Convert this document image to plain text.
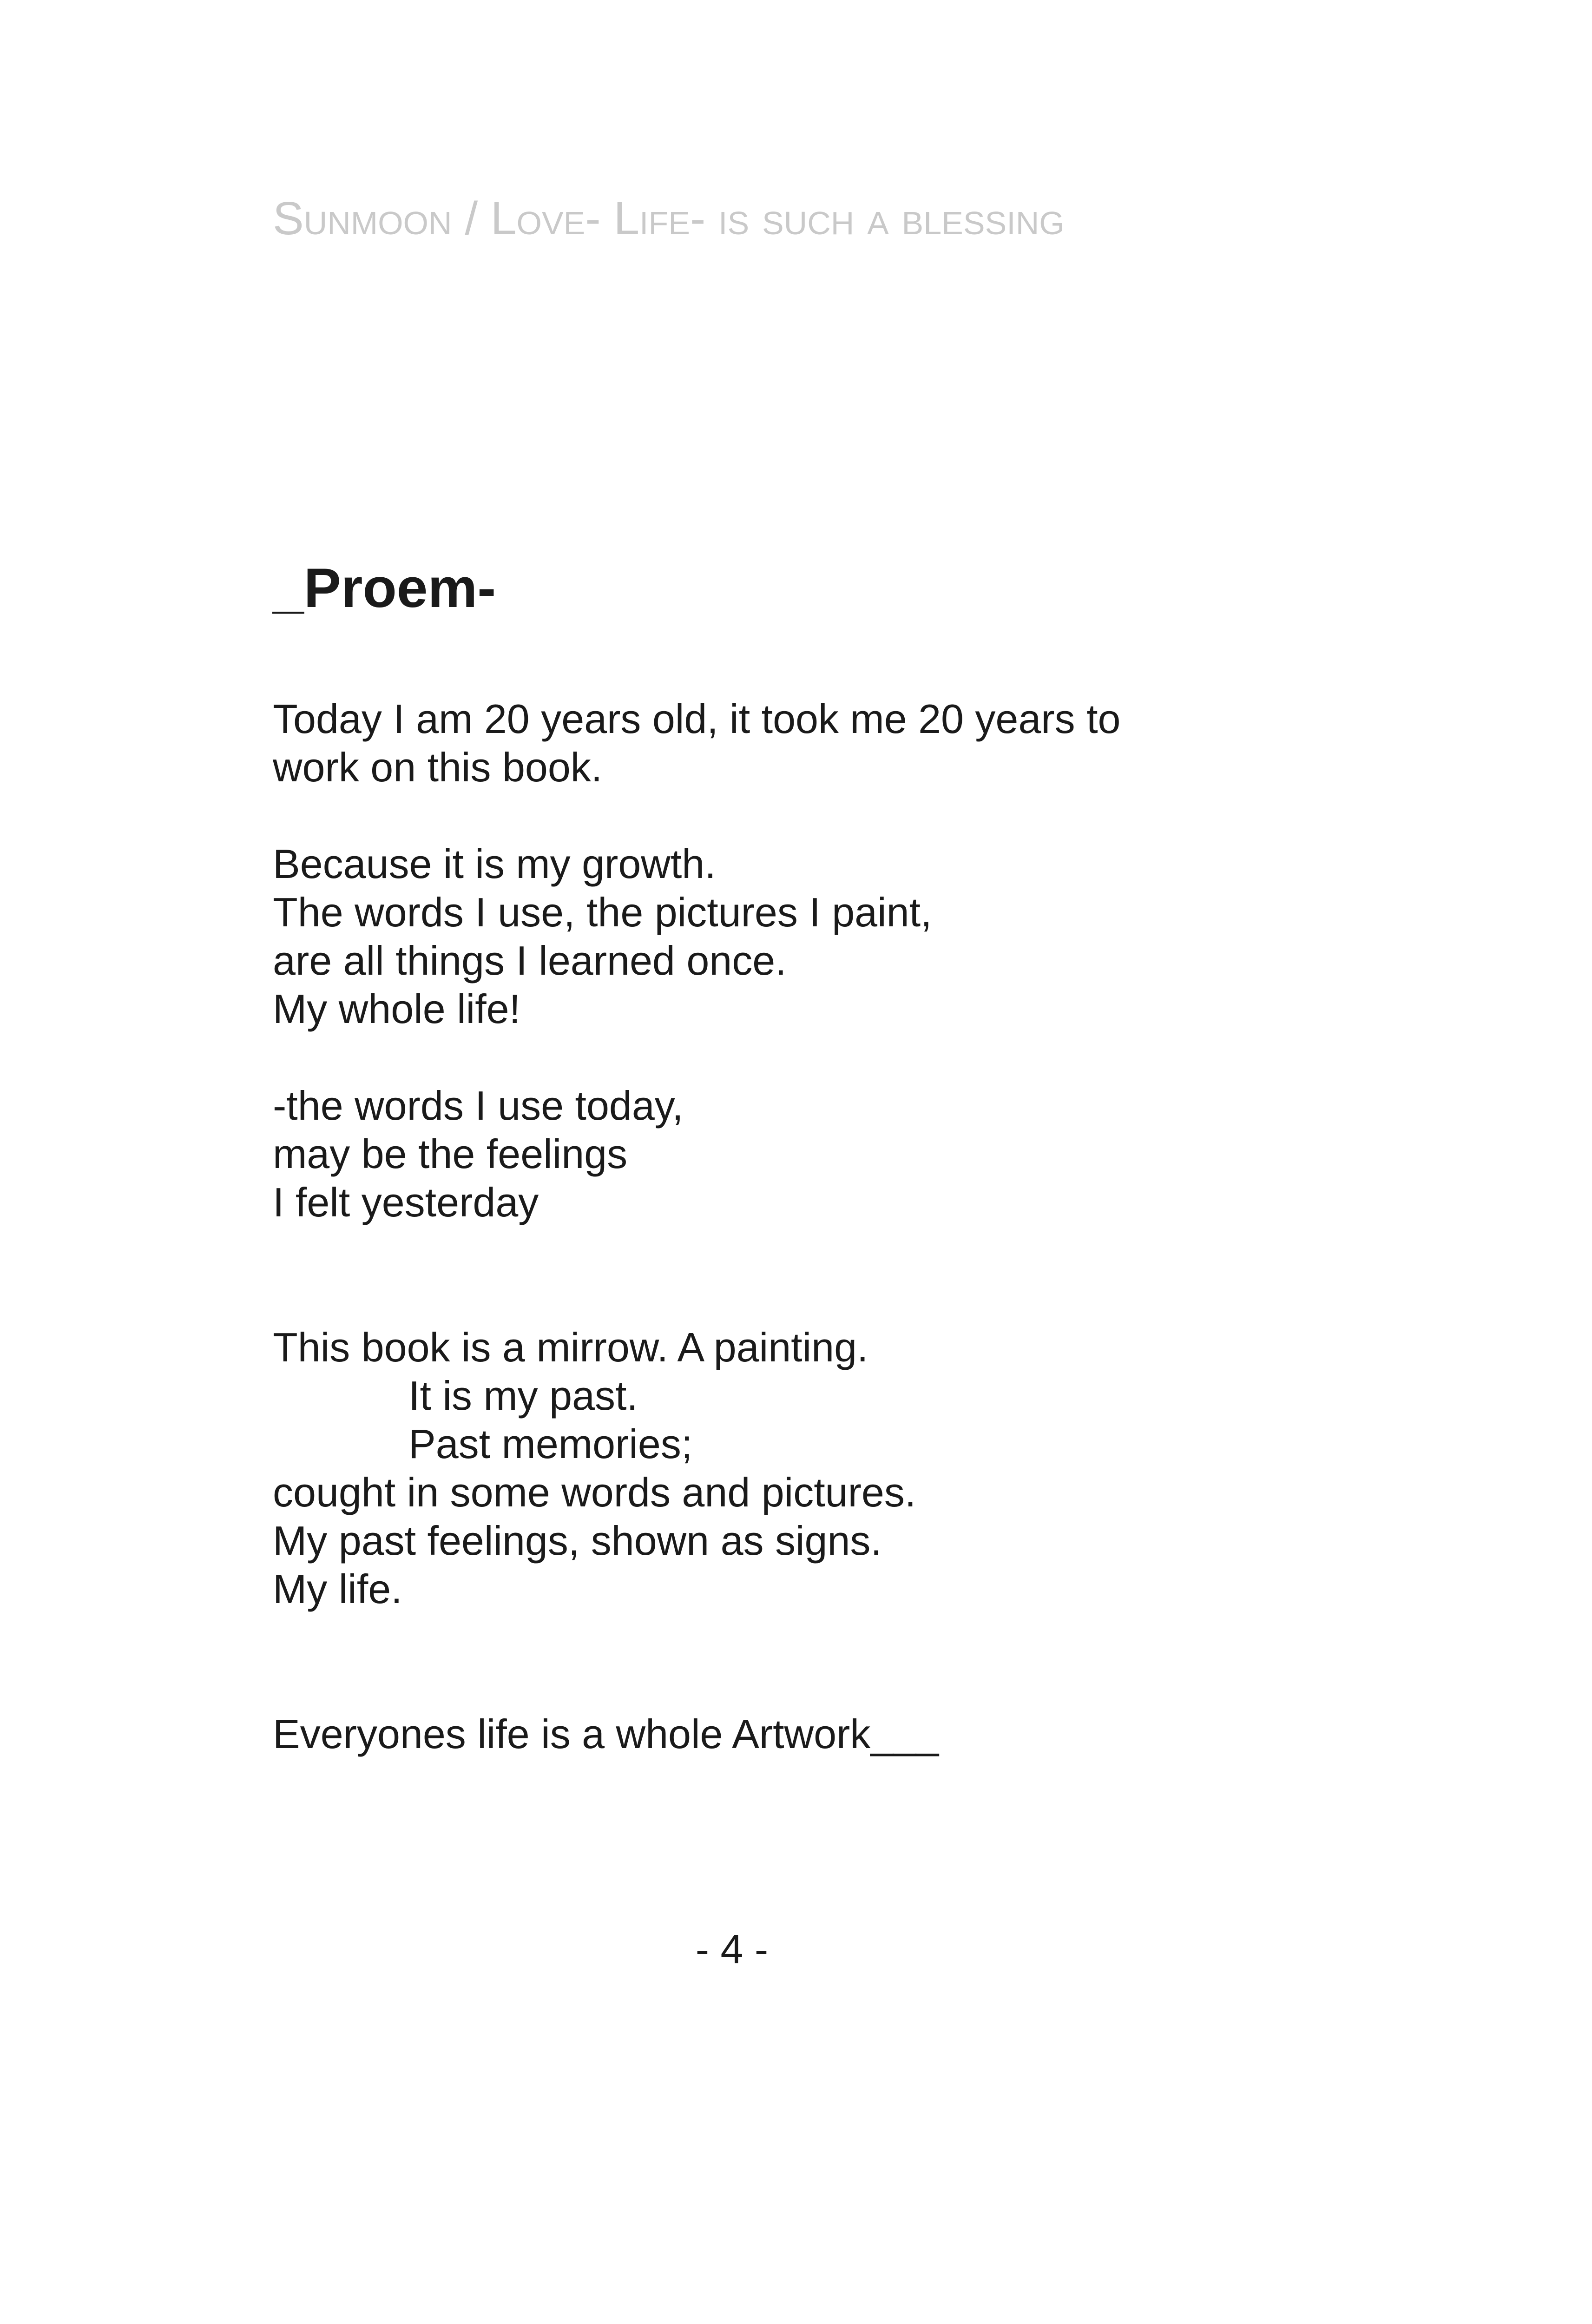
Sunmoon / Love- Life- is such a blessing
_Proem-
Today I am 20 years old, it took me 20 years to
work on this book.
Because it is my growth.
The words I use, the pictures I paint,
are all things I learned once.
My whole life!
-the words I use today,
may be the feelings
I felt yesterday
This book is a mirrow. A painting.
It is my past.
Past memories;
cought in some words and pictures.
My past feelings, shown as signs.
My life.
Everyones life is a whole Artwork___
- 4 -
